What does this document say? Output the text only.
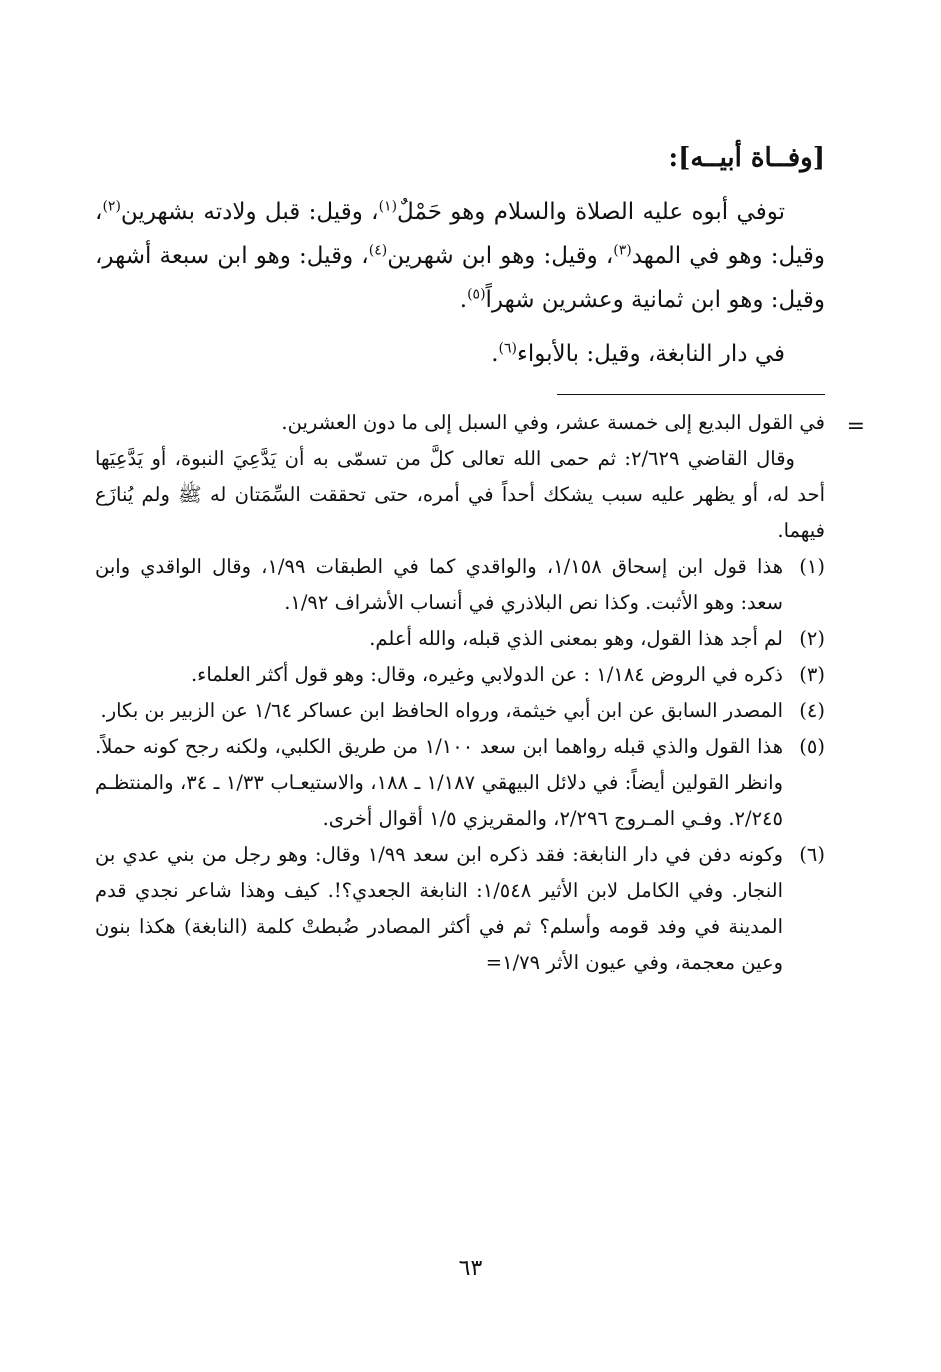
[وفــاة أبيــه]:

توفي أبوه عليه الصلاة والسلام وهو حَمْلٌ$^{(١)}$، وقيل: قبل ولادته بشهرين$^{(٢)}$، وقيل: وهو في المهد$^{(٣)}$، وقيل: وهو ابن شهرين$^{(٤)}$، وقيل: وهو ابن سبعة أشهر، وقيل: وهو ابن ثمانية وعشرين شهراً$^{(٥)}$.

في دار النابغة، وقيل: بالأبواء$^{(٦)}$.

=

في القول البديع إلى خمسة عشر، وفي السبل إلى ما دون العشرين.

وقال القاضي ٢/٦٢٩: ثم حمى الله تعالى كلَّ من تسمّى به أن يَدَّعِيَ النبوة، أو يَدَّعِيَها أحد له، أو يظهر عليه سبب يشكك أحداً في أمره، حتى تحققت السِّمَتان له ﷺ ولم يُنازَع فيهما.

(١)
هذا قول ابن إسحاق ١/١٥٨، والواقدي كما في الطبقات ١/٩٩، وقال الواقدي وابن سعد: وهو الأثبت. وكذا نص البلاذري في أنساب الأشراف ١/٩٢.
(٢)
لم أجد هذا القول، وهو بمعنى الذي قبله، والله أعلم.
(٣)
ذكره في الروض ١/١٨٤ : عن الدولابي وغيره، وقال: وهو قول أكثر العلماء.
(٤)
المصدر السابق عن ابن أبي خيثمة، ورواه الحافظ ابن عساكر ١/٦٤ عن الزبير بن بكار.
(٥)
هذا القول والذي قبله رواهما ابن سعد ١/١٠٠ من طريق الكلبي، ولكنه رجح كونه حملاً. وانظر القولين أيضاً: في دلائل البيهقي ١/١٨٧ ـ ١٨٨، والاستيعـاب ١/٣٣ ـ ٣٤، والمنتظـم ٢/٢٤٥. وفـي المـروج ٢/٢٩٦، والمقريزي ١/٥ أقوال أخرى.
(٦)
وكونه دفن في دار النابغة: فقد ذكره ابن سعد ١/٩٩ وقال: وهو رجل من بني عدي بن النجار. وفي الكامل لابن الأثير ١/٥٤٨: النابغة الجعدي؟!. كيف وهذا شاعر نجدي قدم المدينة في وفد قومه وأسلم؟ ثم في أكثر المصادر ضُبطتْ كلمة (النابغة) هكذا بنون وعين معجمة، وفي عيون الأثر ١/٧٩=
٦٣
